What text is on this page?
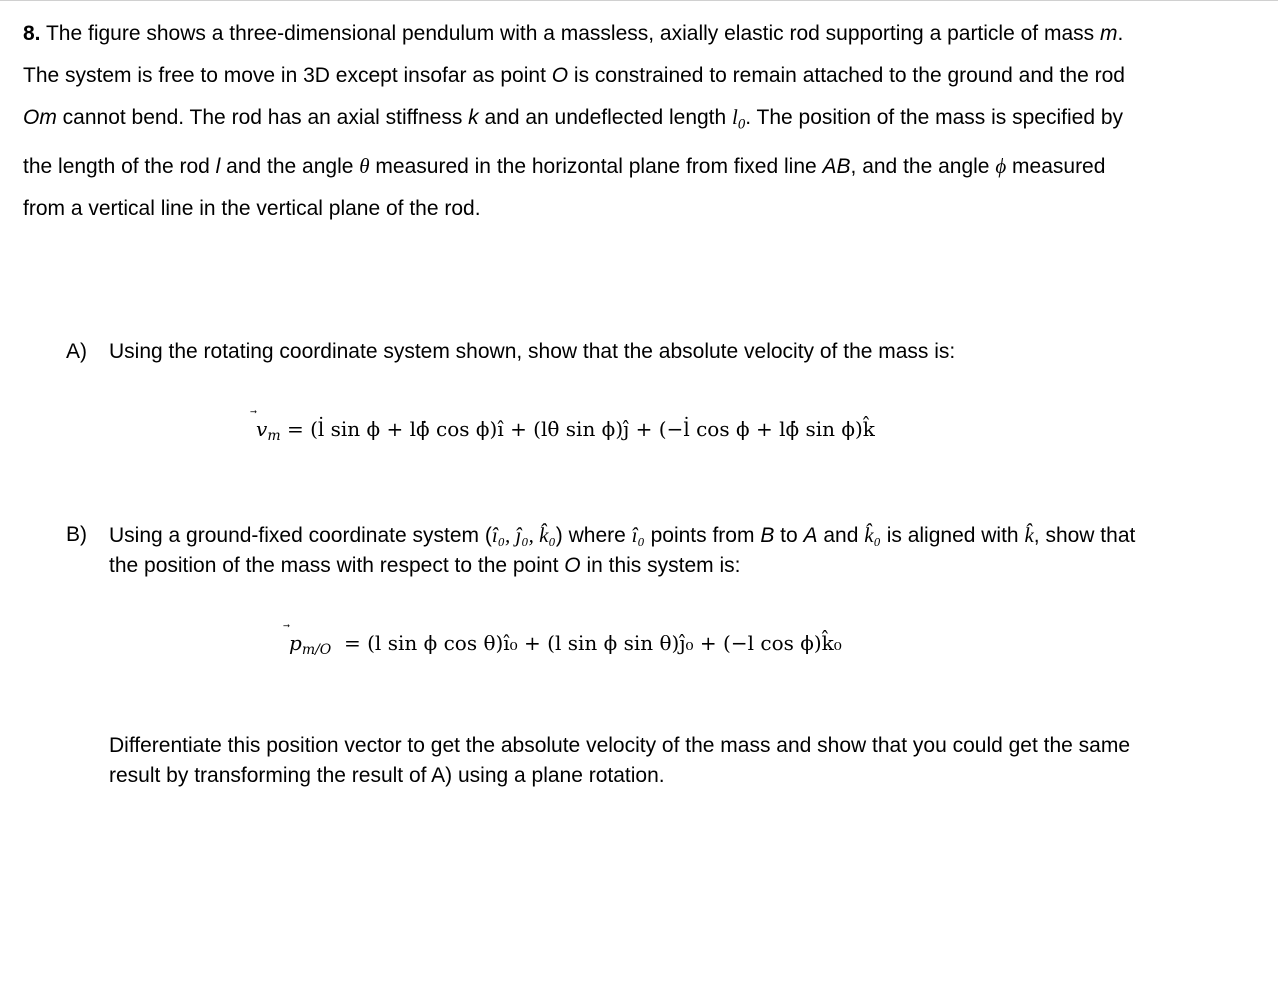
8. The figure shows a three-dimensional pendulum with a massless, axially elastic rod supporting a particle of mass m. The system is free to move in 3D except insofar as point O is constrained to remain attached to the ground and the rod Om cannot bend. The rod has an axial stiffness k and an undeflected length $l_0$. The position of the mass is specified by the length of the rod l and the angle θ measured in the horizontal plane from fixed line AB, and the angle ϕ measured from a vertical line in the vertical plane of the rod.
A) Using the rotating coordinate system shown, show that the absolute velocity of the mass is:
$v_m$ = (l̇ sin ϕ + lϕ̇ cos ϕ)î + (lθ̇ sin ϕ)ĵ + (−l̇ cos ϕ + lϕ̇ sin ϕ)k̂
B) Using a ground-fixed coordinate system (î₀, ĵ₀, k̂₀) where î₀ points from B to A and k̂₀ is aligned with k̂, show that the position of the mass with respect to the point O in this system is:
$p_{m/O} = (l$ sin ϕ cos θ)î₀ + (l sin ϕ sin θ)ĵ₀ + (−l cos ϕ)k̂₀
Differentiate this position vector to get the absolute velocity of the mass and show that you could get the same result by transforming the result of A) using a plane rotation.
